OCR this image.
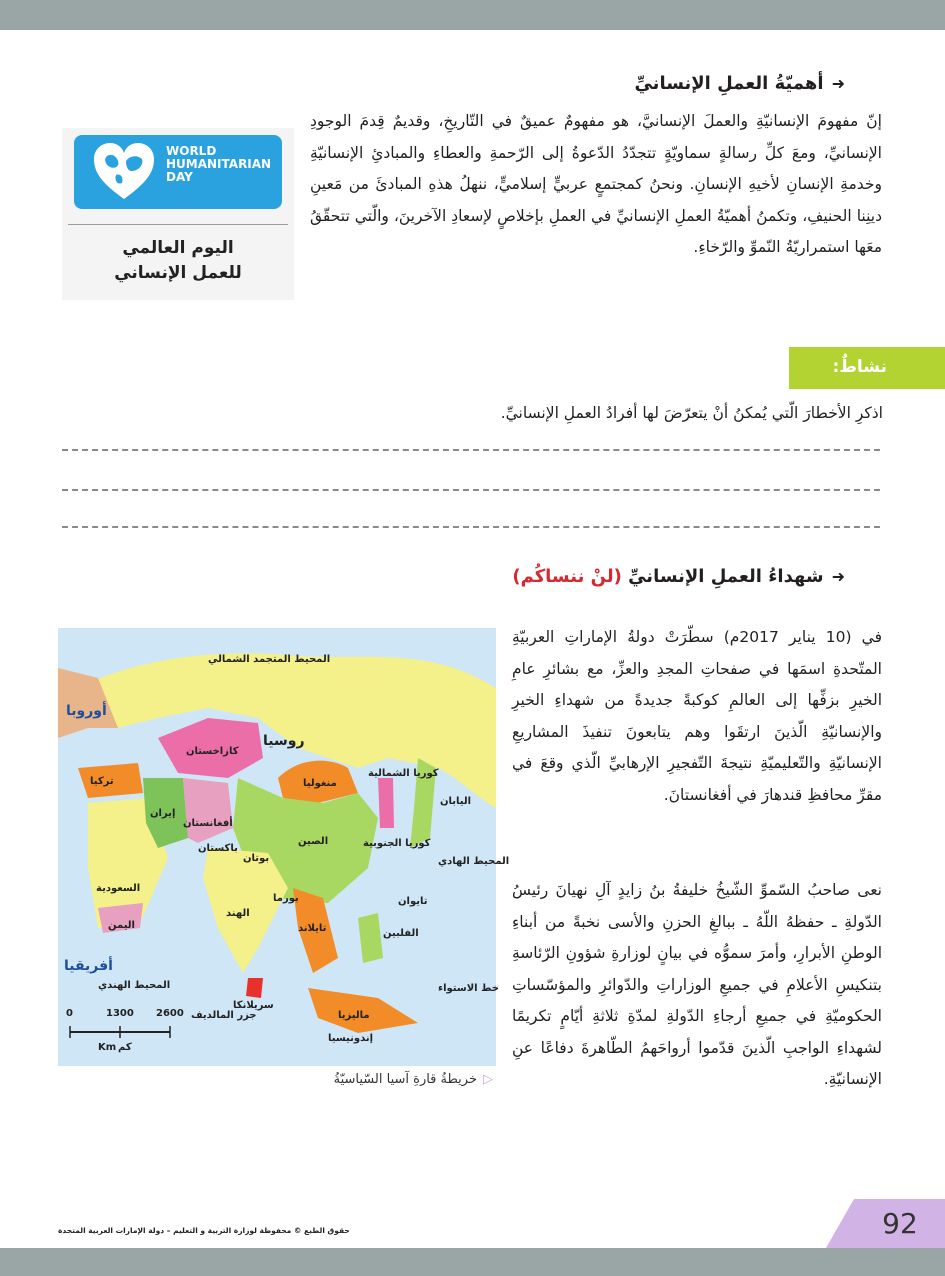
➜أهميّةُ العملِ الإنسانيِّ

إنّ مفهومَ الإنسانيّةِ والعملَ الإنسانيَّ، هو مفهومٌ عميقٌ في التّاريخِ، وقديمٌ قِدمَ الوجودِ الإنسانيِّ، ومعَ كلِّ رسالةٍ سماويّةٍ تتجدّدُ الدّعوةُ إلى الرّحمةِ والعطاءِ والمبادئِ الإنسانيّةِ وخدمةِ الإنسانِ لأخيهِ الإنسانِ. ونحنُ كمجتمعٍ عربيٍّ إسلاميٍّ، ننهلُ هذهِ المبادئَ من مَعينِ دينِنا الحنيفِ، وتكمنُ أهميّةُ العملِ الإنسانيِّ في العملِ بإخلاصٍ لإسعادِ الآخرينَ، والّتي تتحقّقُ معَها استمراريّةُ النّموِّ والرّخاءِ.

WORLD
HUMANITARIAN
DAY
اليوم العالمي
للعمل الإنساني
نشاطٌ:
اذكرِ الأخطارَ الّتي يُمكنُ أنْ يتعرّضَ لها أفرادُ العملِ الإنسانيِّ.
➜شهداءُ العملِ الإنسانيِّ (لنْ ننساكُم)

في (10 يناير 2017م) سطّرَتْ دولةُ الإماراتِ العربيّةِ المتّحدةِ اسمَها في صفحاتِ المجدِ والعزِّ، مع بشائرِ عامِ الخيرِ بزفِّها إلى العالمِ كوكبةً جديدةً من شهداءِ الخيرِ والإنسانيّةِ الّذينَ ارتقَوا وهم يتابعونَ تنفيذَ المشاريعِ الإنسانيّةِ والتّعليميّةِ نتيجةَ التّفجيرِ الإرهابيِّ الّذي وقعَ في مقرِّ محافظِ قندهارَ في أفغانستانَ.

نعى صاحبُ السّموِّ الشّيخُ خليفةُ بنُ زايدٍ آلِ نهيانَ رئيسُ الدّولةِ ـ حفظهُ اللّهُ ـ ببالغِ الحزنِ والأسى نخبةً من أبناءِ الوطنِ الأبرارِ، وأمرَ سموُّه في بيانٍ لوزارةِ شؤونِ الرّئاسةِ بتنكيسِ الأعلامِ في جميعِ الوزاراتِ والدّوائرِ والمؤسّساتِ الحكوميّةِ في جميعِ أرجاءِ الدّولةِ لمدّةِ ثلاثةِ أيّامٍ تكريمًا لشهداءِ الواجبِ الّذينَ قدّموا أرواحَهمُ الطّاهرةَ دفاعًا عنِ الإنسانيّةِ.

المحيط المتجمد الشمالي
أوروبا
روسيا
كازاخستان
منغوليا
الصين
اليابان
كوريا الشمالية
كوريا الجنوبية
المحيط الهادي
تركيا
إيران
أفغانستان
باكستان
بوتان
الهند
السعودية
اليمن
أفريقيا
المحيط الهندي
سريلانكا
جزر المالديف	ماليزيا
إندونيسيا
الفلبين
تايوان
تايلاند
بورما
خط الاستواء
0	1300 2600
Km كم
▷خريطةُ قارةِ آسيا السّياسيّةُ
حقوق الطبع © محفوظة لوزارة التربية و التعليم – دولة الإمارات العربية المتحدة	92
